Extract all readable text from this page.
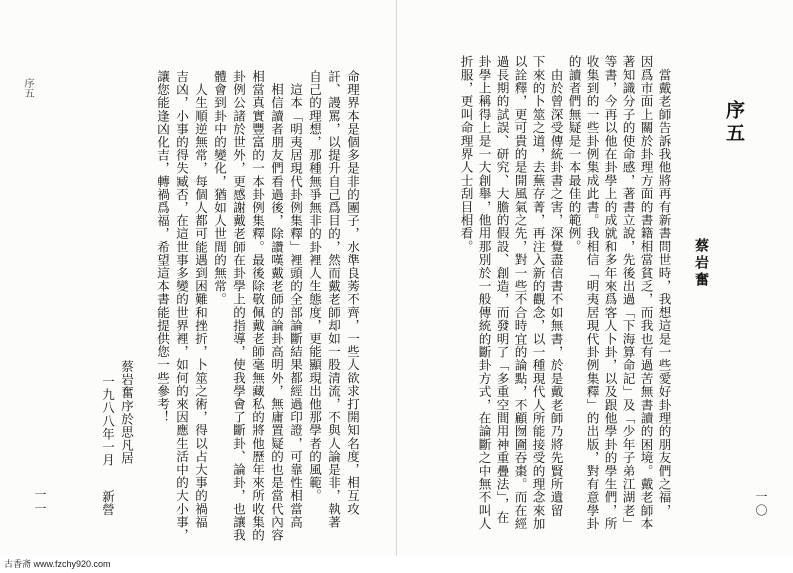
序五	命理界本是個多是非的團子，水準良莠不齊，一些人欲求打開知名度，相互攻
訐、謾罵，以提升自己爲目的，然而戴老師却如一股清流，不與人論是非，執著
自己的理想，那種無爭無非的卦裡人生態度，更能顯現出他那學者的風範。
　這本「明夷居現代卦例集釋」裡頭的全部論斷結果都經過印證，可靠性相當高
　相信讀者朋友們看過後，除讚嘆戴老師的論卦高明外，無庸置疑的也是當代內容
相當真實豐富的一本卦例集釋。最後除敬佩戴老師毫無藏私的將他歷年來所收集的
卦例公諸於世外，更感謝戴老師在卦學上的指導，使我學會了斷卦、論卦，也讓我
體會到卦中的變化，猶如人世間的無常。
　人生順逆無常，每個人都可能遇到困難和挫折，卜筮之術，得以占大事的禍福
吉凶，小事的得失臧否，在這世事多變的世界裡，如何的來因應生活中的大小事，
讓您能逢凶化吉，轉禍爲福，希望這本書能提供您一些參考！
蔡岩奮序於思凡居
一九八八年一月
新營
一一
序五
蔡岩奮
　當戴老師告訴我他將再有新書問世時，我想這是一些愛好卦理的朋友們之福，
因爲市面上關於卦理方面的書籍相當貧乏，而我也有過苦無書讀的困境。戴老師本
著知識分子的使命感，著書立說，先後出過「下海算命記」及「少年子弟江湖老」
等書，今再以他在卦學上的成就和多年來爲客人卜卦，以及跟他學卦的學生們，所
收集到的一些卦例集成此書。我相信「明夷居現代卦例集釋」的出版，對有意學卦
的讀者們無疑是一本最佳的範例。
　由於曾深受傳統卦書之害，深覺盡信書不如無書，於是戴老師乃將先賢所遺留
下來的卜筮之道，去蕪存菁，再注入新的觀念，以一種現代人所能接受的理念來加
以詮釋，更可貴的是開風氣之先，對一些不合時宜的論點，不顧囫圇吞棗。而在經
過長期的試誤、研究、大膽的假設、創造，而發明了「多重空間用神重疊法」，在
卦學上稱得上是一大創舉，他用那別於一般傳統的斷卦方式，在論斷之中無不叫人
折服，更叫命理界人士刮目相看。
一〇
古香斋 www.fzchy920.com
